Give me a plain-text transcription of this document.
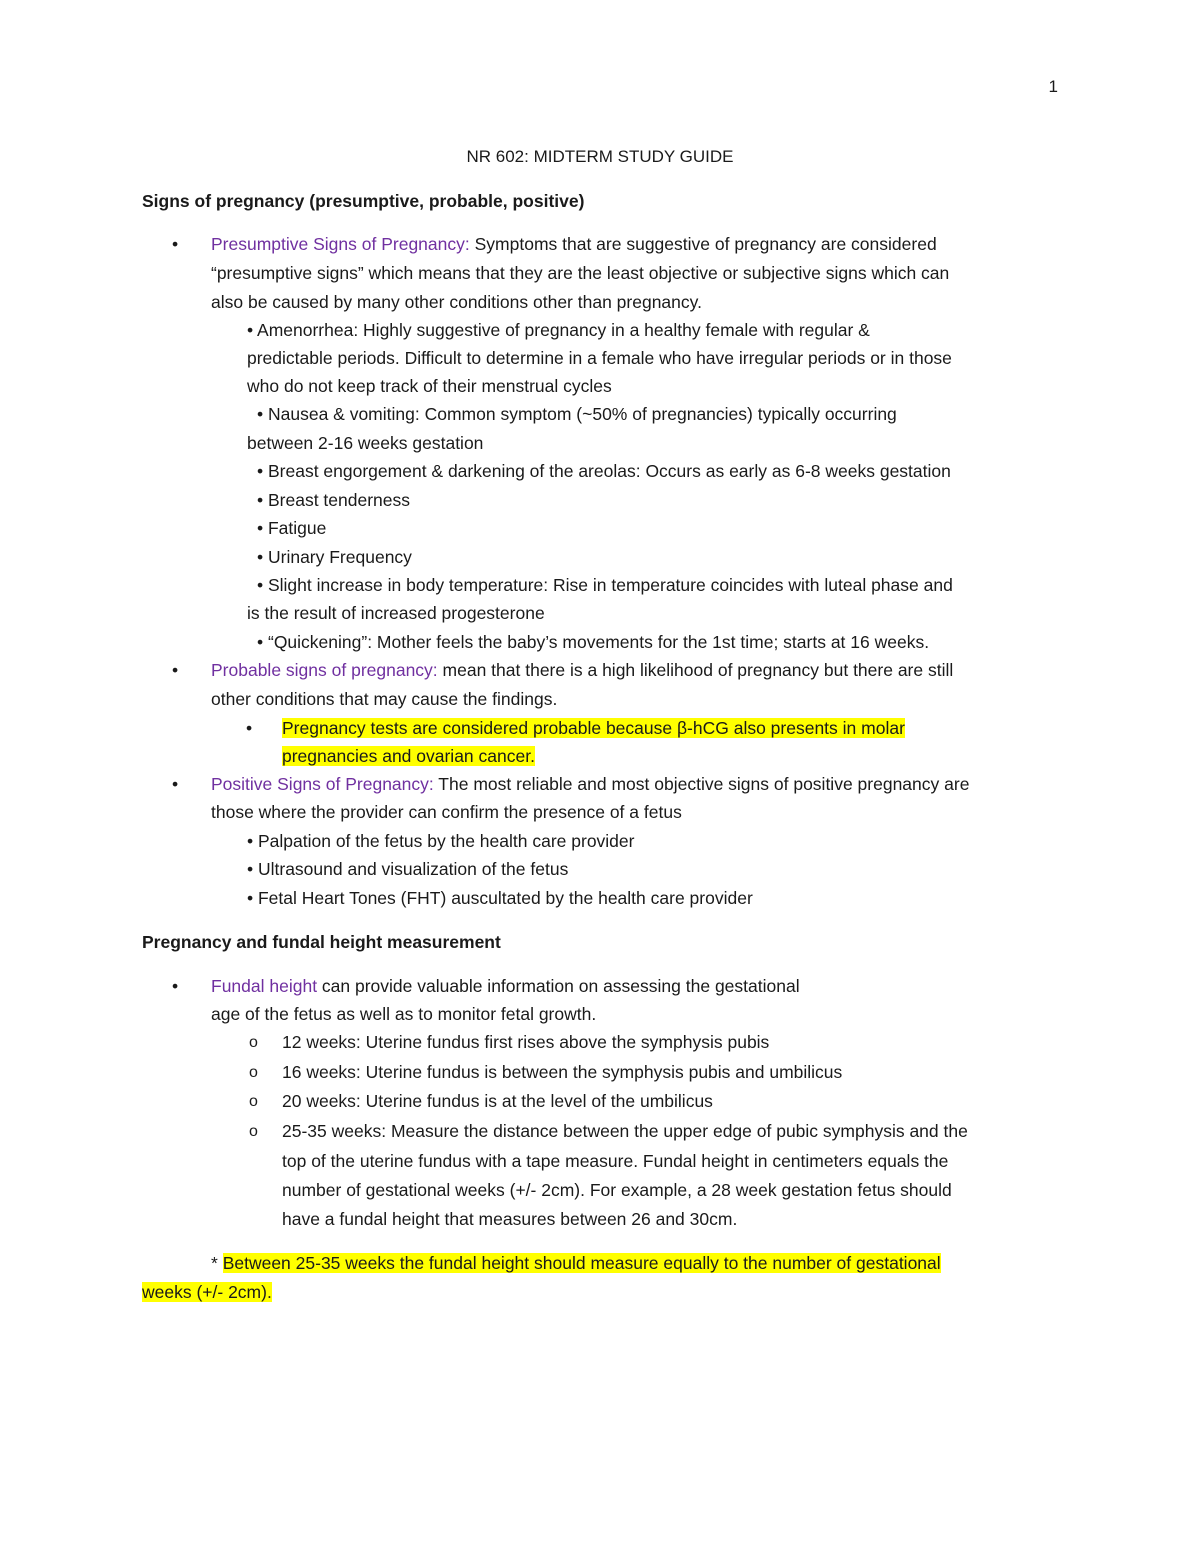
1
NR 602: MIDTERM STUDY GUIDE
Signs of pregnancy (presumptive, probable, positive)
• Presumptive Signs of Pregnancy: Symptoms that are suggestive of pregnancy are considered
“presumptive signs” which means that they are the least objective or subjective signs which can
also be caused by many other conditions other than pregnancy.
• Amenorrhea: Highly suggestive of pregnancy in a healthy female with regular &
predictable periods. Difficult to determine in a female who have irregular periods or in those
who do not keep track of their menstrual cycles
• Nausea & vomiting: Common symptom (~50% of pregnancies) typically occurring
between 2-16 weeks gestation
• Breast engorgement & darkening of the areolas: Occurs as early as 6-8 weeks gestation
• Breast tenderness
• Fatigue
• Urinary Frequency
• Slight increase in body temperature: Rise in temperature coincides with luteal phase and
is the result of increased progesterone
• “Quickening”: Mother feels the baby’s movements for the 1st time; starts at 16 weeks.
• Probable signs of pregnancy: mean that there is a high likelihood of pregnancy but there are still
other conditions that may cause the findings.
• Pregnancy tests are considered probable because β-hCG also presents in molar
pregnancies and ovarian cancer.
• Positive Signs of Pregnancy: The most reliable and most objective signs of positive pregnancy are
those where the provider can confirm the presence of a fetus
• Palpation of the fetus by the health care provider
• Ultrasound and visualization of the fetus
• Fetal Heart Tones (FHT) auscultated by the health care provider
Pregnancy and fundal height measurement
• Fundal height can provide valuable information on assessing the gestational
age of the fetus as well as to monitor fetal growth.
o 12 weeks: Uterine fundus first rises above the symphysis pubis
o 16 weeks: Uterine fundus is between the symphysis pubis and umbilicus
o 20 weeks: Uterine fundus is at the level of the umbilicus
o 25-35 weeks: Measure the distance between the upper edge of pubic symphysis and the
top of the uterine fundus with a tape measure. Fundal height in centimeters equals the
number of gestational weeks (+/- 2cm). For example, a 28 week gestation fetus should
have a fundal height that measures between 26 and 30cm.
* Between 25-35 weeks the fundal height should measure equally to the number of gestational
weeks (+/- 2cm).
